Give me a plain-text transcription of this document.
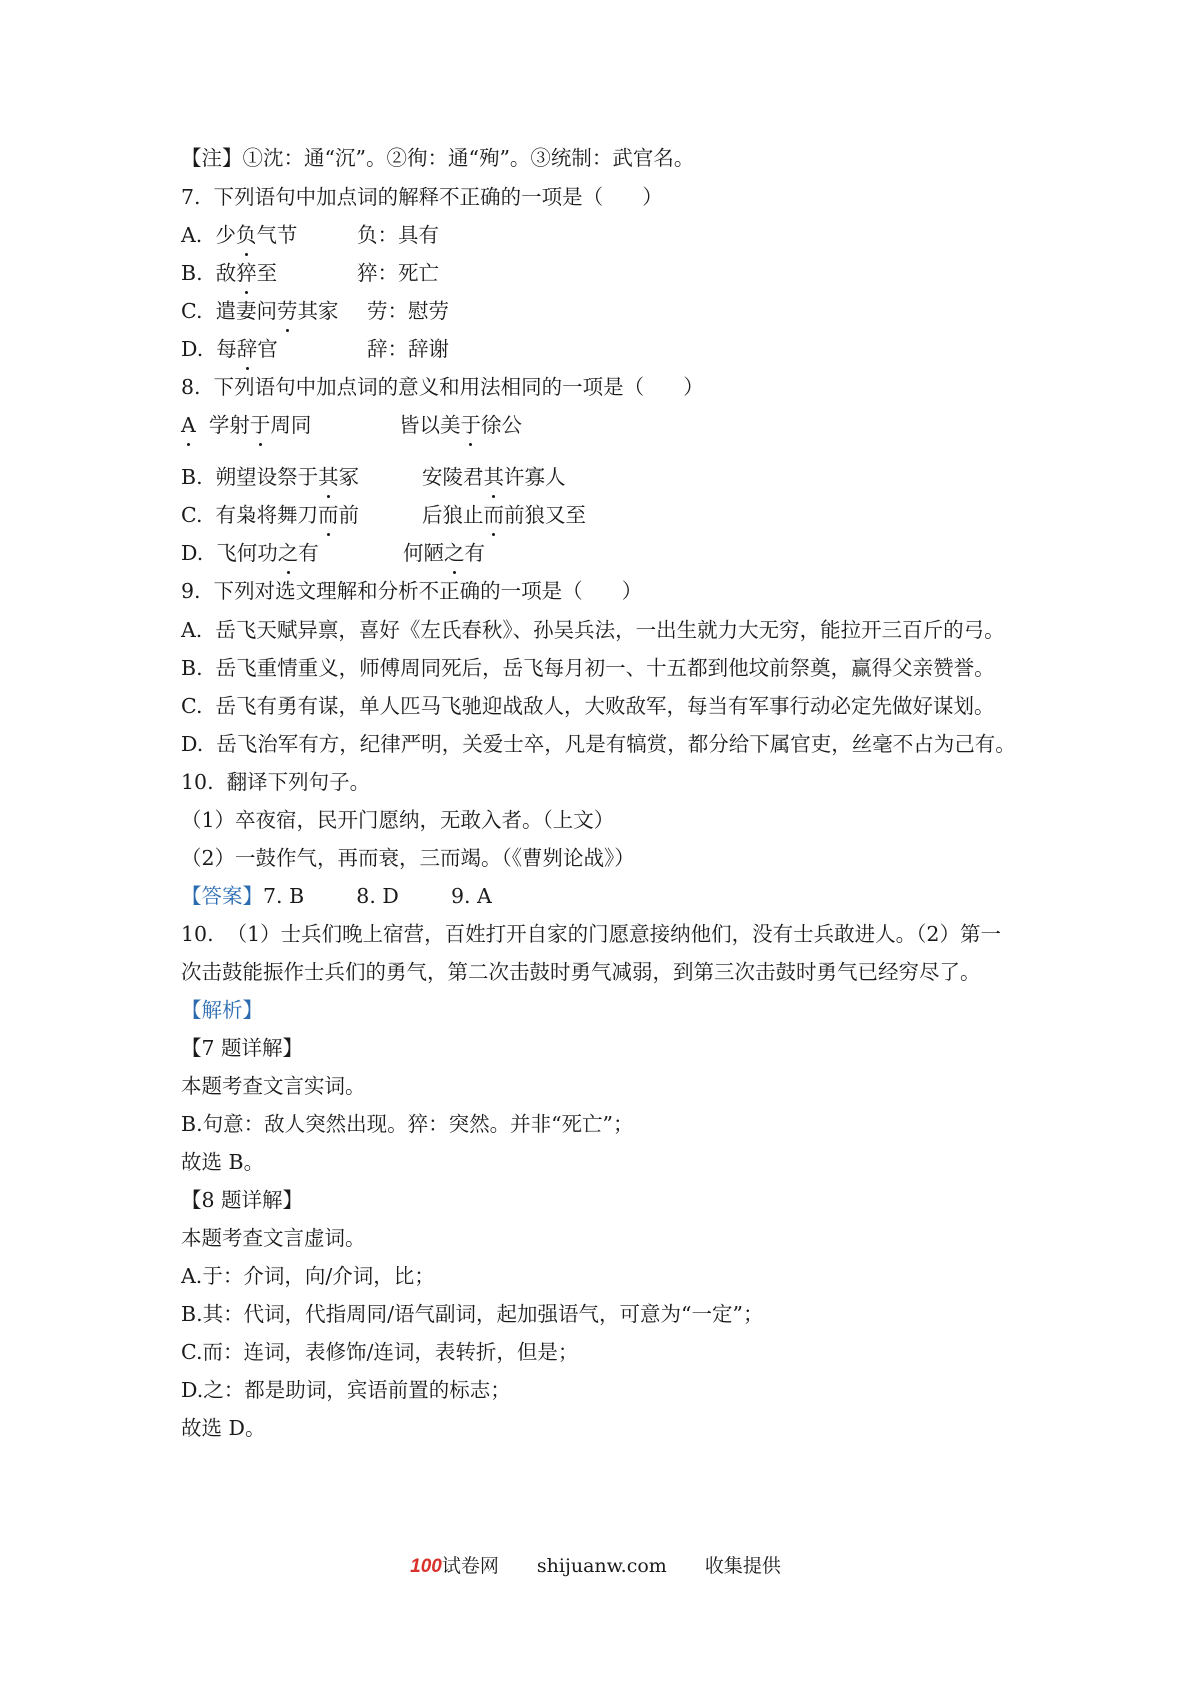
【注】①沈：通“沉”。②徇：通“殉”。③统制：武官名。
7.  下列语句中加点词的解释不正确的一项是（      ）
A. 少负气节	负：具有
B. 敌猝至	猝：死亡
C. 遣妻问劳其家 劳：慰劳
D. 每辞官	辞：辞谢
8.  下列语句中加点词的意义和用法相同的一项是（      ）
A 学射于周同	皆以美于徐公
B. 朔望设祭于其冢	安陵君其许寡人
C. 有枭将舞刀而前	后狼止而前狼又至
D. 飞何功之有	何陋之有
9.  下列对选文理解和分析不正确的一项是（      ）
A.  岳飞天赋异禀，喜好《左氏春秋》、孙吴兵法，一出生就力大无穷，能拉开三百斤的弓。
B.  岳飞重情重义，师傅周同死后，岳飞每月初一、十五都到他坟前祭奠，赢得父亲赞誉。
C.  岳飞有勇有谋，单人匹马飞驰迎战敌人，大败敌军，每当有军事行动必定先做好谋划。
D.  岳飞治军有方，纪律严明，关爱士卒，凡是有犒赏，都分给下属官吏，丝毫不占为己有。
10.  翻译下列句子。
（1）卒夜宿，民开门愿纳，无敢入者。（上文）
（2）一鼓作气，再而衰，三而竭。（《曹刿论战》）
【答案】7. B	8. D	9. A
10.  （1）士兵们晚上宿营，百姓打开自家的门愿意接纳他们，没有士兵敢进人。（2）第一
次击鼓能振作士兵们的勇气，第二次击鼓时勇气减弱，到第三次击鼓时勇气已经穷尽了。
【解析】
【7 题详解】
本题考查文言实词。
B.句意：敌人突然出现。猝：突然。并非“死亡”；
故选 B。
【8 题详解】
本题考查文言虚词。
A.于：介词，向/介词，比；
B.其：代词，代指周同/语气副词，起加强语气，可意为“一定”；
C.而：连词，表修饰/连词，表转折，但是；
D.之：都是助词，宾语前置的标志；
故选 D。
100试卷网 shijuanw.com 收集提供
